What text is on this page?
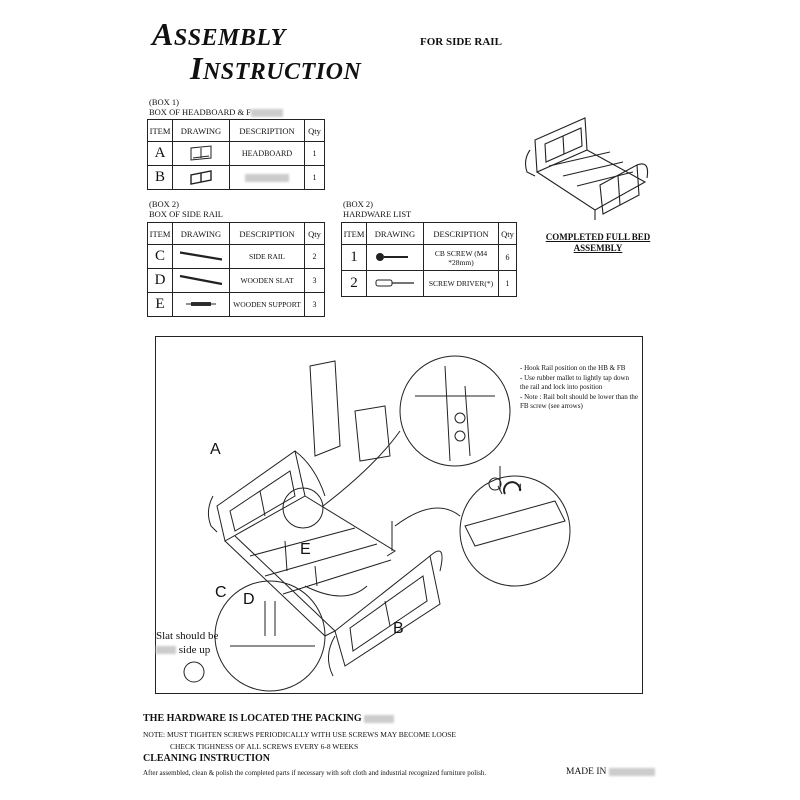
ASSEMBLY
INSTRUCTION
FOR SIDE RAIL
(BOX 1)
BOX OF HEADBOARD & F
ITEM	DRAWING	DESCRIPTION	Qty
A		HEADBOARD	1
B			1
(BOX 2)
BOX OF SIDE RAIL
ITEM	DRAWING	DESCRIPTION	Qty
C		SIDE RAIL	2
D		WOODEN SLAT	3
E		WOODEN SUPPORT	3
(BOX 2)
HARDWARE LIST
ITEM	DRAWING	DESCRIPTION	Qty
1		CB SCREW (M4 *28mm)	6
2		SCREW DRIVER(*)	1
COMPLETED FULL BED ASSEMBLY
- Hook Rail position on the HB & FB
- Use rubber mallet to lightly tap down the rail and lock into position
- Note : Rail bolt should be lower than the FB screw (see arrows)
A
B
C D
E
1
Slat should be
side up
THE HARDWARE IS LOCATED THE PACKING
NOTE: MUST TIGHTEN SCREWS PERIODICALLY WITH USE SCREWS MAY BECOME LOOSE
CHECK TIGHNESS OF ALL SCREWS EVERY 6-8 WEEKS
CLEANING INSTRUCTION
After assembled, clean & polish the completed parts if necessary with soft cloth and industrial recognized furniture polish.	MADE IN
